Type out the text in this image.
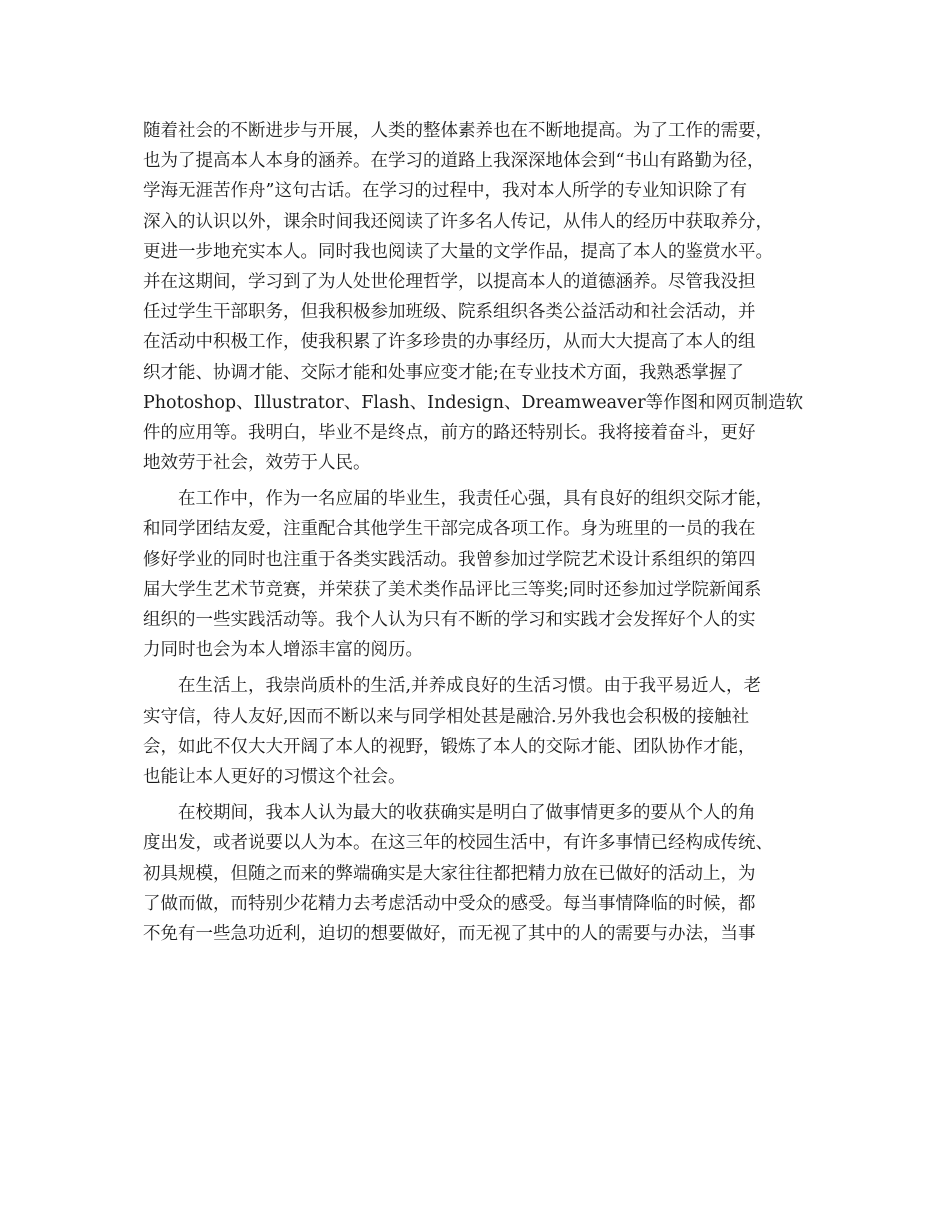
随着社会的不断进步与开展，人类的整体素养也在不断地提高。为了工作的需要，
也为了提高本人本身的涵养。在学习的道路上我深深地体会到“书山有路勤为径，
学海无涯苦作舟”这句古话。在学习的过程中，我对本人所学的专业知识除了有
深入的认识以外，课余时间我还阅读了许多名人传记，从伟人的经历中获取养分，
更进一步地充实本人。同时我也阅读了大量的文学作品，提高了本人的鉴赏水平。
并在这期间，学习到了为人处世伦理哲学，以提高本人的道德涵养。尽管我没担
任过学生干部职务，但我积极参加班级、院系组织各类公益活动和社会活动，并
在活动中积极工作，使我积累了许多珍贵的办事经历，从而大大提高了本人的组
织才能、协调才能、交际才能和处事应变才能;在专业技术方面，我熟悉掌握了
Photoshop、Illustrator、Flash、Indesign、Dreamweaver等作图和网页制造软
件的应用等。我明白，毕业不是终点，前方的路还特别长。我将接着奋斗，更好
地效劳于社会，效劳于人民。
在工作中，作为一名应届的毕业生，我责任心强，具有良好的组织交际才能，
和同学团结友爱，注重配合其他学生干部完成各项工作。身为班里的一员的我在
修好学业的同时也注重于各类实践活动。我曾参加过学院艺术设计系组织的第四
届大学生艺术节竞赛，并荣获了美术类作品评比三等奖;同时还参加过学院新闻系
组织的一些实践活动等。我个人认为只有不断的学习和实践才会发挥好个人的实
力同时也会为本人增添丰富的阅历。
在生活上，我崇尚质朴的生活,并养成良好的生活习惯。由于我平易近人，老
实守信，待人友好,因而不断以来与同学相处甚是融洽.另外我也会积极的接触社
会，如此不仅大大开阔了本人的视野，锻炼了本人的交际才能、团队协作才能，
也能让本人更好的习惯这个社会。
在校期间，我本人认为最大的收获确实是明白了做事情更多的要从个人的角
度出发，或者说要以人为本。在这三年的校园生活中，有许多事情已经构成传统、
初具规模，但随之而来的弊端确实是大家往往都把精力放在已做好的活动上，为
了做而做，而特别少花精力去考虑活动中受众的感受。每当事情降临的时候，都
不免有一些急功近利，迫切的想要做好，而无视了其中的人的需要与办法，当事
